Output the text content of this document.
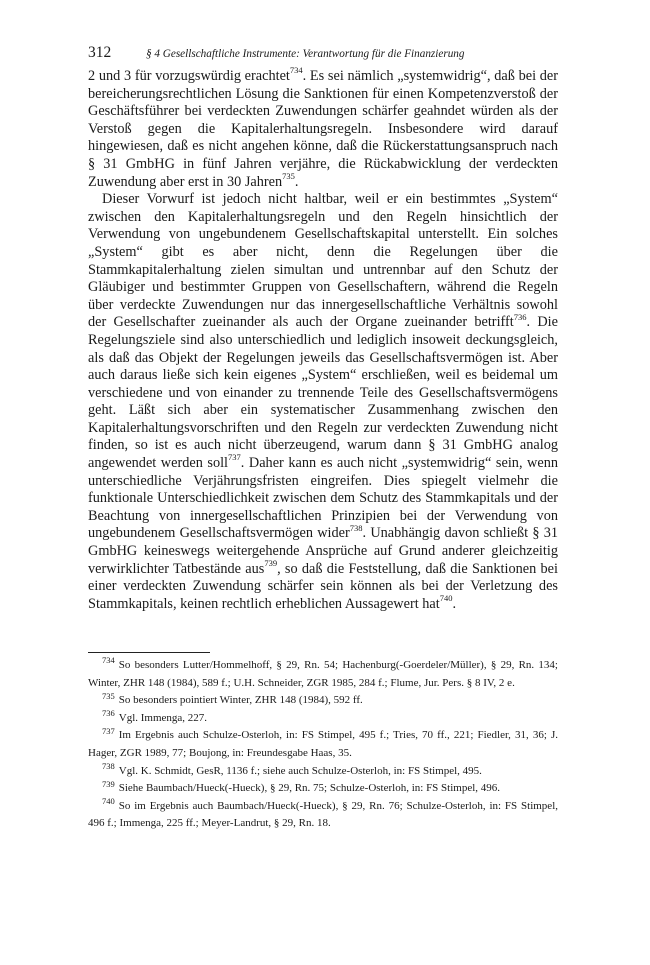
312	§ 4 Gesellschaftliche Instrumente: Verantwortung für die Finanzierung

2 und 3 für vorzugswürdig erachtet$^{734}$. Es sei nämlich „systemwidrig“, daß bei der bereicherungsrechtlichen Lösung die Sanktionen für einen Kompetenzverstoß der Geschäftsführer bei verdeckten Zuwendungen schärfer geahndet würden als der Verstoß gegen die Kapitalerhaltungsregeln. Insbesondere wird darauf hingewiesen, daß es nicht angehen könne, daß die Rückerstattungsanspruch nach § 31 GmbHG in fünf Jahren verjähre, die Rückabwicklung der verdeckten Zuwendung aber erst in 30 Jahren$^{735}$.

Dieser Vorwurf ist jedoch nicht haltbar, weil er ein bestimmtes „System“ zwischen den Kapitalerhaltungsregeln und den Regeln hinsichtlich der Verwendung von ungebundenem Gesellschaftskapital unterstellt. Ein solches „System“ gibt es aber nicht, denn die Regelungen über die Stammkapitalerhaltung zielen simultan und untrennbar auf den Schutz der Gläubiger und bestimmter Gruppen von Gesellschaftern, während die Regeln über verdeckte Zuwendungen nur das innergesellschaftliche Verhältnis sowohl der Gesellschafter zueinander als auch der Organe zueinander betrifft$^{736}$. Die Regelungsziele sind also unterschiedlich und lediglich insoweit deckungsgleich, als daß das Objekt der Regelungen jeweils das Gesellschaftsvermögen ist. Aber auch daraus ließe sich kein eigenes „System“ erschließen, weil es beidemal um verschiedene und von einander zu trennende Teile des Gesellschaftsvermögens geht. Läßt sich aber ein systematischer Zusammenhang zwischen den Kapitalerhaltungsvorschriften und den Regeln zur verdeckten Zuwendung nicht finden, so ist es auch nicht überzeugend, warum dann § 31 GmbHG analog angewendet werden soll$^{737}$. Daher kann es auch nicht „systemwidrig“ sein, wenn unterschiedliche Verjährungsfristen eingreifen. Dies spiegelt vielmehr die funktionale Unterschiedlichkeit zwischen dem Schutz des Stammkapitals und der Beachtung von innergesellschaftlichen Prinzipien bei der Verwendung von ungebundenem Gesellschaftsvermögen wider$^{738}$. Unabhängig davon schließt § 31 GmbHG keineswegs weitergehende Ansprüche auf Grund anderer gleichzeitig verwirklichter Tatbestände aus$^{739}$, so daß die Feststellung, daß die Sanktionen bei einer verdeckten Zuwendung schärfer sein können als bei der Verletzung des Stammkapitals, keinen rechtlich erheblichen Aussagewert hat$^{740}$.

$^{734}$ So besonders Lutter/Hommelhoff, § 29, Rn. 54; Hachenburg(-Goerdeler/Müller), § 29, Rn. 134; Winter, ZHR 148 (1984), 589 f.; U.H. Schneider, ZGR 1985, 284 f.; Flume, Jur. Pers. § 8 IV, 2 e.

$^{735}$ So besonders pointiert Winter, ZHR 148 (1984), 592 ff.

$^{736}$ Vgl. Immenga, 227.

$^{737}$ Im Ergebnis auch Schulze-Osterloh, in: FS Stimpel, 495 f.; Tries, 70 ff., 221; Fiedler, 31, 36; J. Hager, ZGR 1989, 77; Boujong, in: Freundesgabe Haas, 35.

$^{738}$ Vgl. K. Schmidt, GesR, 1136 f.; siehe auch Schulze-Osterloh, in: FS Stimpel, 495.

$^{739}$ Siehe Baumbach/Hueck(-Hueck), § 29, Rn. 75; Schulze-Osterloh, in: FS Stimpel, 496.

$^{740}$ So im Ergebnis auch Baumbach/Hueck(-Hueck), § 29, Rn. 76; Schulze-Osterloh, in: FS Stimpel, 496 f.; Immenga, 225 ff.; Meyer-Landrut, § 29, Rn. 18.
